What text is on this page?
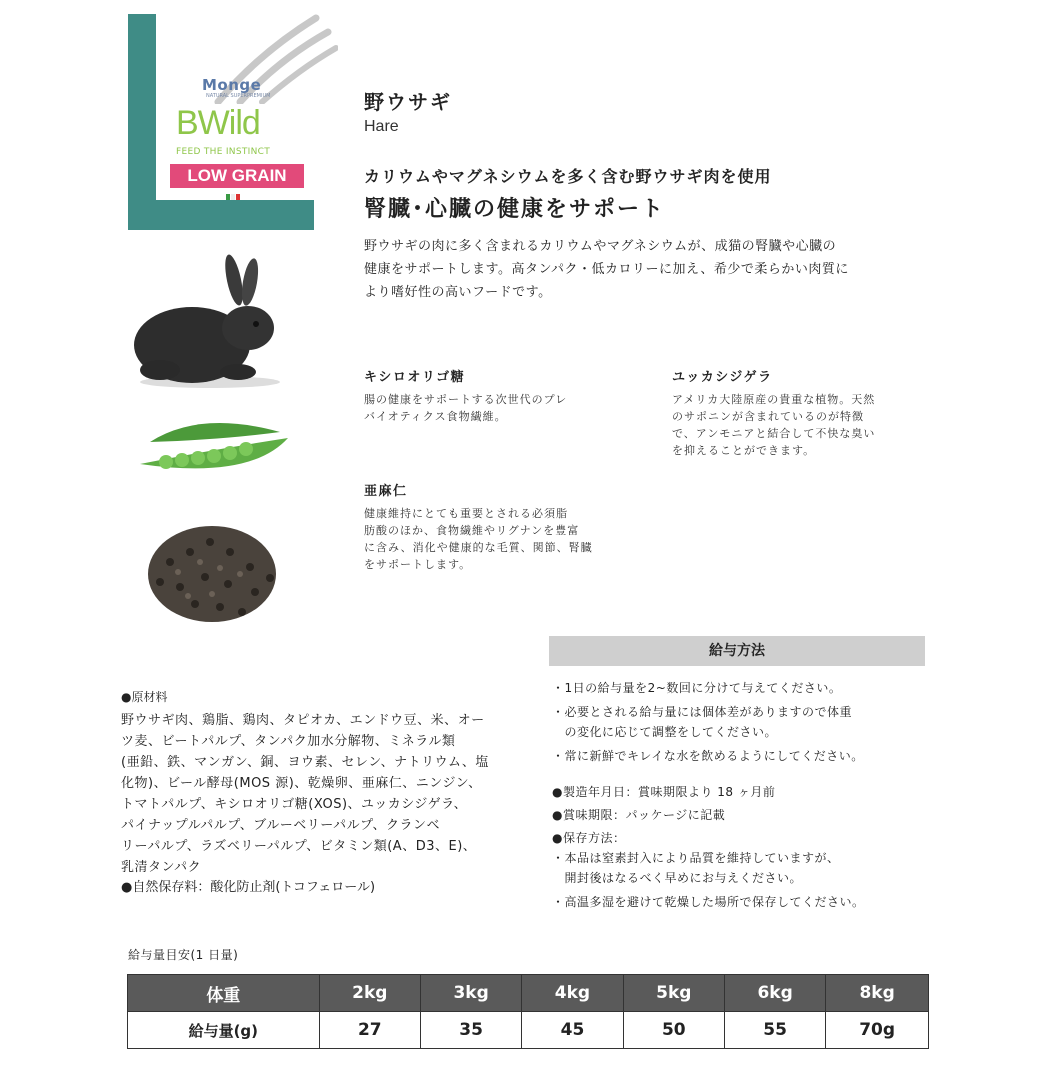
Monge
NATURAL SUPERPREMIUM
BWild
FEED THE INSTINCT
LOW GRAIN
野ウサギ
Hare
カリウムやマグネシウムを多く含む野ウサギ肉を使用
腎臓･心臓の健康をサポート
野ウサギの肉に多く含まれるカリウムやマグネシウムが、成猫の腎臓や心臓の
健康をサポートします。高タンパク・低カロリーに加え、希少で柔らかい肉質に
より嗜好性の高いフードです。
キシロオリゴ糖
腸の健康をサポートする次世代のプレ
バイオティクス食物繊維。
ユッカシジゲラ
アメリカ大陸原産の貴重な植物。天然
のサポニンが含まれているのが特徴
で、アンモニアと結合して不快な臭い
を抑えることができます。
亜麻仁
健康維持にとても重要とされる必須脂
肪酸のほか、食物繊維やリグナンを豊富
に含み、消化や健康的な毛質、関節、腎臓
をサポートします。
給与方法
・1日の給与量を2~数回に分けて与えてください。
・必要とされる給与量には個体差がありますので体重
　の変化に応じて調整をしてください。
・常に新鮮でキレイな水を飲めるようにしてください。
●製造年月日：賞味期限より 18 ヶ月前
●賞味期限：パッケージに記載
●保存方法：
・本品は窒素封入により品質を維持していますが、
　開封後はなるべく早めにお与えください。
・高温多湿を避けて乾燥した場所で保存してください。
●原材料
野ウサギ肉、鶏脂、鶏肉、タピオカ、エンドウ豆、米、オー
ツ麦、ビートパルプ、タンパク加水分解物、ミネラル類
(亜鉛、鉄、マンガン、銅、ヨウ素、セレン、ナトリウム、塩
化物)、ビール酵母(MOS 源)、乾燥卵、亜麻仁、ニンジン、
トマトパルプ、キシロオリゴ糖(XOS)、ユッカシジゲラ、
パイナップルパルプ、ブルーベリーパルプ、クランベ
リーパルプ、ラズベリーパルプ、ビタミン類(A、D3、E)、
乳清タンパク
●自然保存料：酸化防止剤(トコフェロール)
給与量目安(1 日量)
体重	2kg	3kg	4kg	5kg	6kg	8kg
給与量(g)	27	35	45	50	55	70g
